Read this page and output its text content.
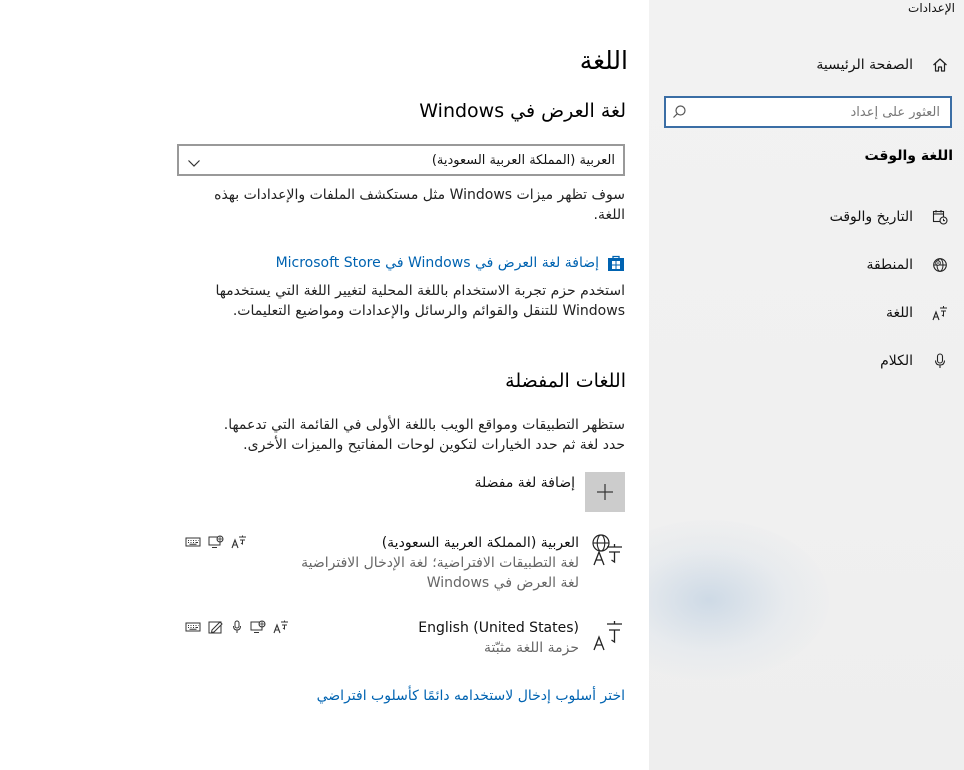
الإعدادات
الصفحة الرئيسية
العثور على إعداد
اللغة والوقت
التاريخ والوقت
المنطقة
اللغة
الكلام
اللغة
لغة العرض في Windows
العربية (المملكة العربية السعودية)
سوف تظهر ميزات Windows مثل مستكشف الملفات والإعدادات بهذه
اللغة.
إضافة لغة العرض في Windows في Microsoft Store
استخدم حزم تجربة الاستخدام باللغة المحلية لتغيير اللغة التي يستخدمها
Windows للتنقل والقوائم والرسائل والإعدادات ومواضيع التعليمات.
اللغات المفضلة
ستظهر التطبيقات ومواقع الويب باللغة الأولى في القائمة التي تدعمها.
حدد لغة ثم حدد الخيارات لتكوين لوحات المفاتيح والميزات الأخرى.
إضافة لغة مفضلة
العربية (المملكة العربية السعودية)
لغة التطبيقات الافتراضية؛ لغة الإدخال الافتراضية
لغة العرض في Windows
English (United States)
حزمة اللغة مثبّتة
اختر أسلوب إدخال لاستخدامه دائمًا كأسلوب افتراضي
